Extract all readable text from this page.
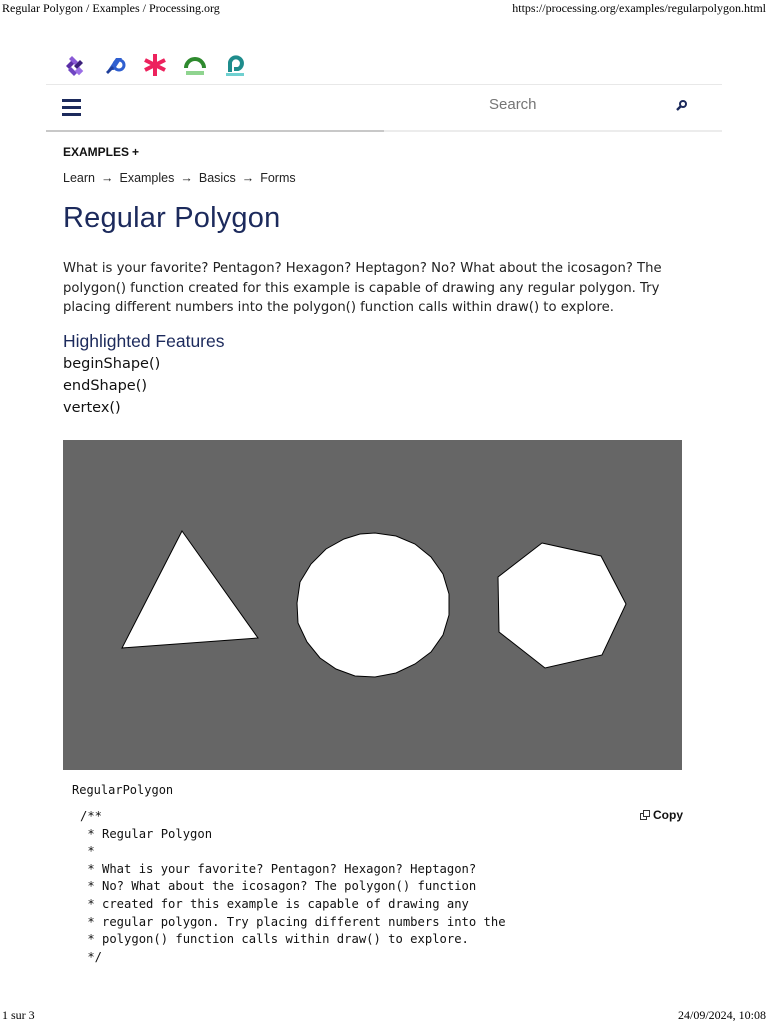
Regular Polygon / Examples / Processing.org	https://processing.org/examples/regularpolygon.html
Search
EXAMPLES +
Learn → Examples → Basics → Forms
Regular Polygon

What is your favorite? Pentagon? Hexagon? Heptagon? No? What about the icosagon? The polygon() function created for this example is capable of drawing any regular polygon. Try placing different numbers into the polygon() function calls within draw() to explore.

Highlighted Features
beginShape()
endShape()
vertex()
RegularPolygon
/**
* Regular Polygon
*
* What is your favorite? Pentagon? Hexagon? Heptagon?
* No? What about the icosagon? The polygon() function
* created for this example is capable of drawing any
* regular polygon. Try placing different numbers into the
* polygon() function calls within draw() to explore.
*/
Copy
1 sur 3	24/09/2024, 10:08
